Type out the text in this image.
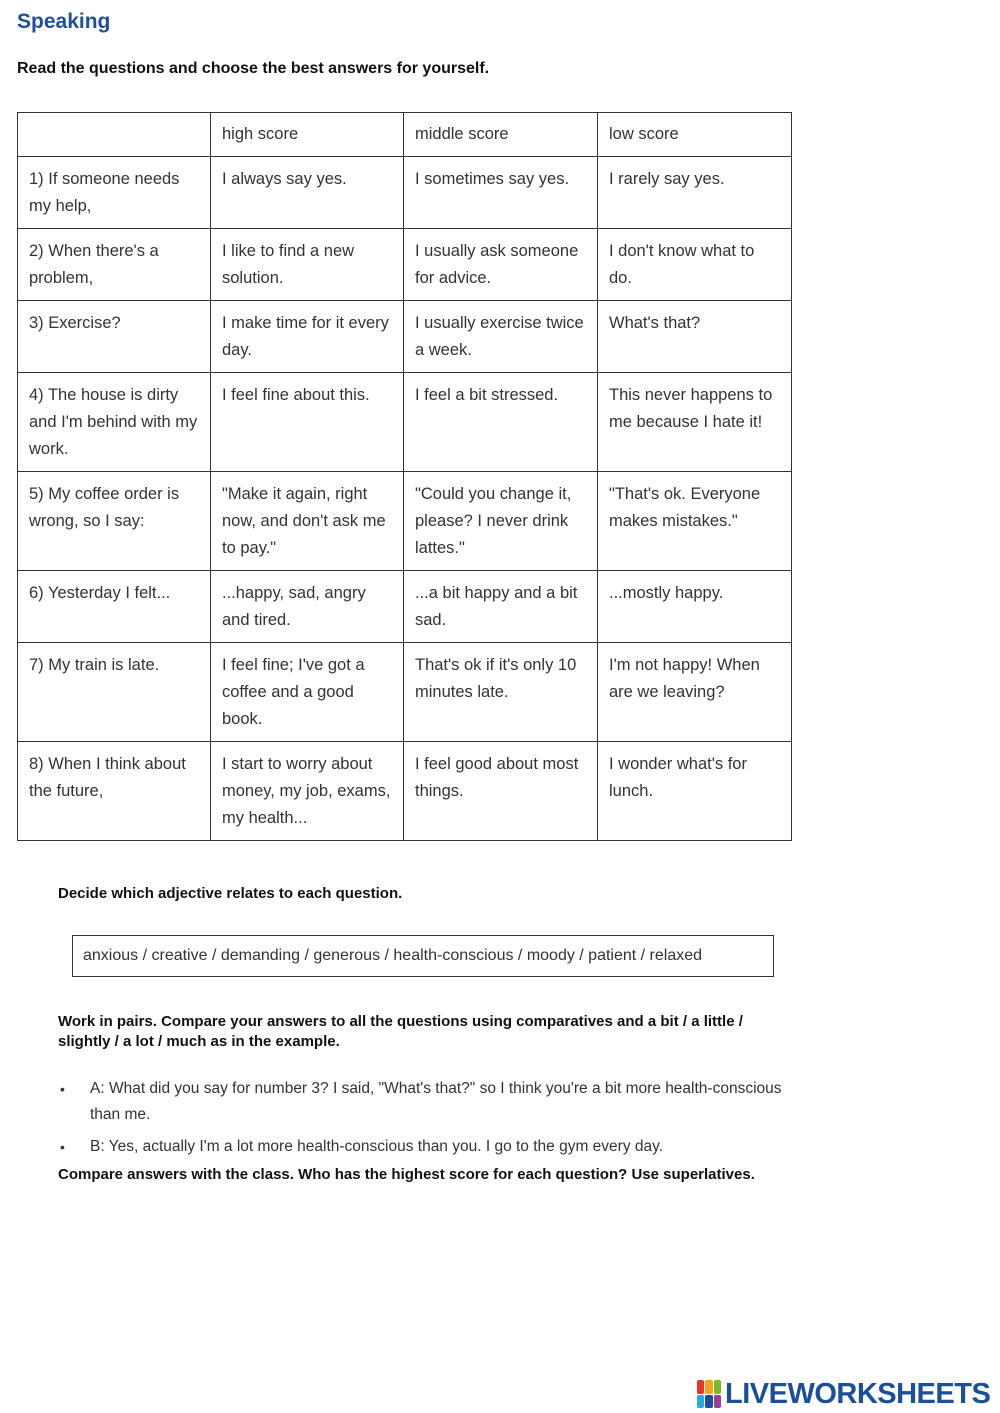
Speaking
Read the questions and choose the best answers for yourself.
	high score	middle score	low score
1) If someone needs my help,	I always say yes.	I sometimes say yes.	I rarely say yes.
2) When there's a problem,	I like to find a new solution.	I usually ask someone for advice.	I don't know what to do.
3) Exercise?	I make time for it every day.	I usually exercise twice a week.	What's that?
4) The house is dirty and I'm behind with my work.	I feel fine about this.	I feel a bit stressed.	This never happens to me because I hate it!
5) My coffee order is wrong, so I say:	"Make it again, right now, and don't ask me to pay."	"Could you change it, please? I never drink lattes."	"That's ok. Everyone makes mistakes."
6) Yesterday I felt...	...happy, sad, angry and tired.	...a bit happy and a bit sad.	...mostly happy.
7) My train is late.	I feel fine; I've got a coffee and a good book.	That's ok if it's only 10 minutes late.	I'm not happy! When are we leaving?
8) When I think about the future,	I start to worry about money, my job, exams, my health...	I feel good about most things.	I wonder what's for lunch.
Decide which adjective relates to each question.
anxious / creative / demanding / generous / health-conscious / moody / patient / relaxed
Work in pairs. Compare your answers to all the questions using comparatives and a bit / a little / slightly / a lot / much as in the example.
• A: What did you say for number 3? I said, "What's that?" so I think you're a bit more health-conscious than me.
• B: Yes, actually I'm a lot more health-conscious than you. I go to the gym every day.
Compare answers with the class. Who has the highest score for each question? Use superlatives.
LIVEWORKSHEETS
